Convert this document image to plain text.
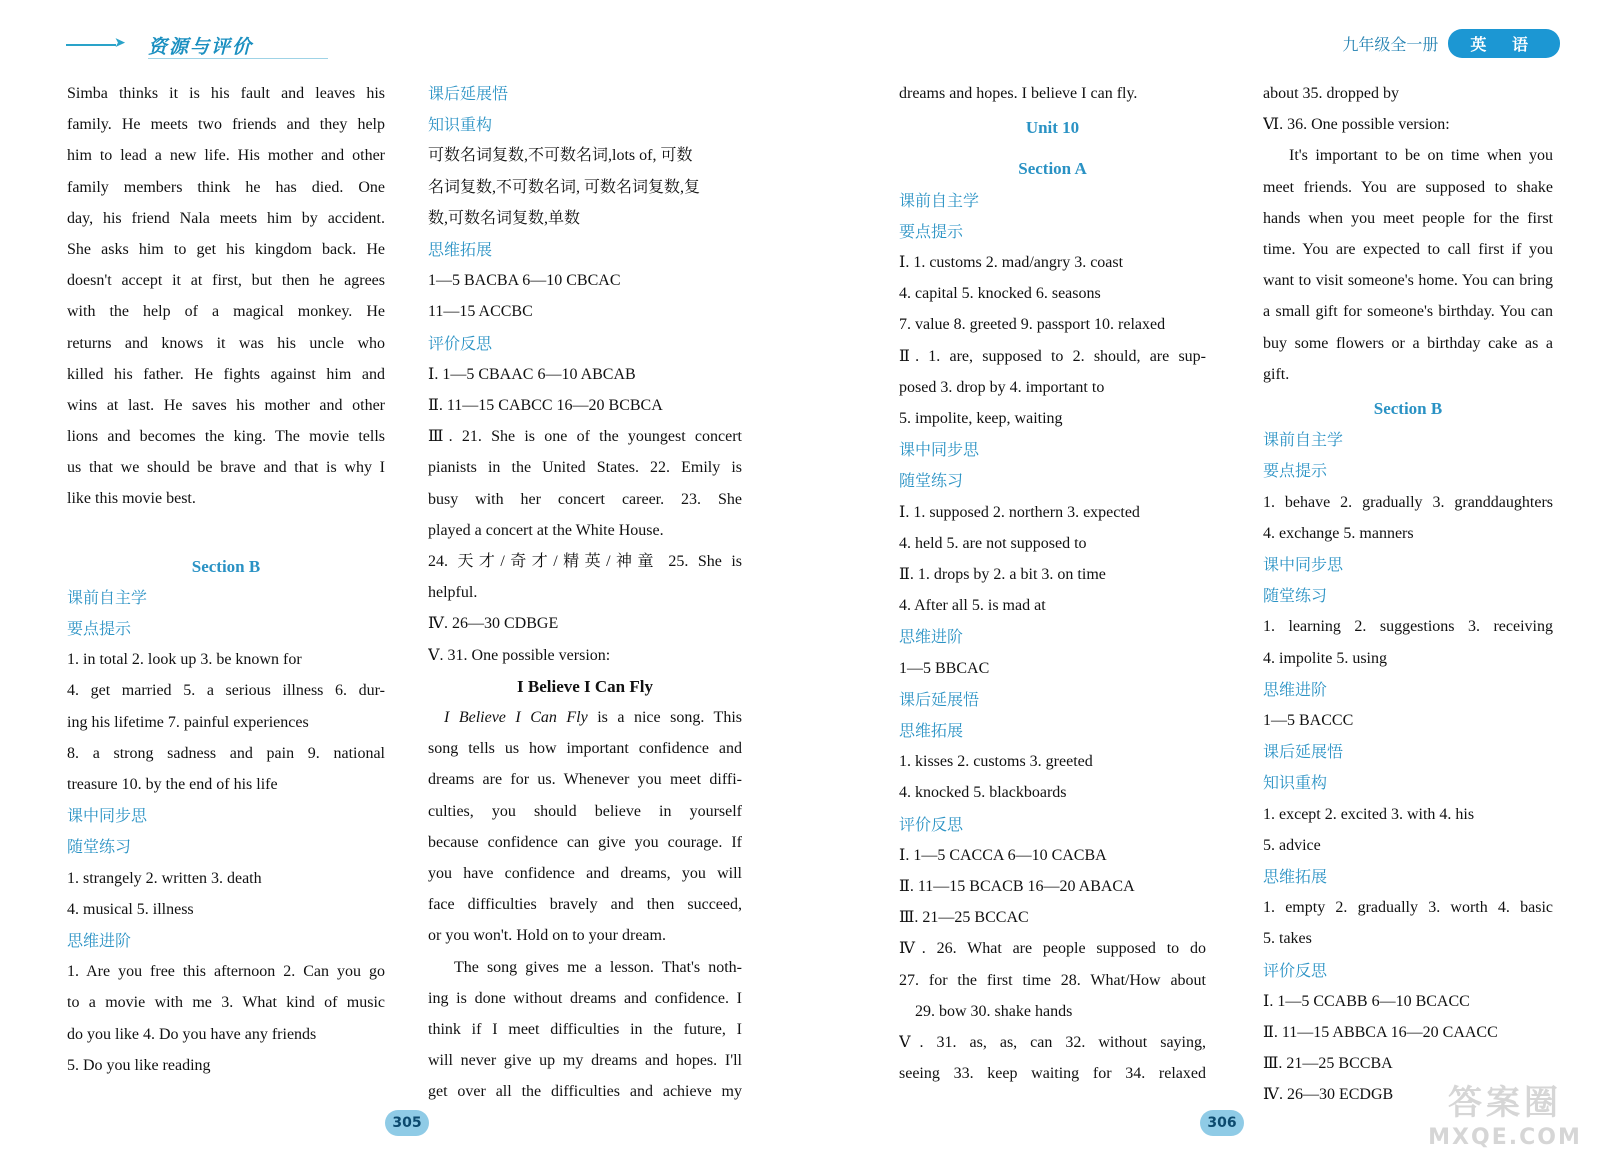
➤ 资源与评价	九年级全一册	英 语
Simba thinks it is his fault and leaves his
family. He meets two friends and they help
him to lead a new life. His mother and other
family members think he has died. One
day, his friend Nala meets him by accident.
She asks him to get his kingdom back. He
doesn't accept it at first, but then he agrees
with the help of a magical monkey. He
returns and knows it was his uncle who
killed his father. He fights against him and
wins at last. He saves his mother and other
lions and becomes the king. The movie tells
us that we should be brave and that is why I
like this movie best.
Section B
课前自主学
要点提示
1. in total 2. look up 3. be known for
4. get married 5. a serious illness 6. dur-
ing his lifetime 7. painful experiences
8. a strong sadness and pain 9. national
treasure 10. by the end of his life
课中同步思
随堂练习
1. strangely 2. written 3. death
4. musical 5. illness
思维进阶
1. Are you free this afternoon 2. Can you go
to a movie with me 3. What kind of music
do you like 4. Do you have any friends
5. Do you like reading
课后延展悟
知识重构
可数名词复数,不可数名词,lots of, 可数
名词复数,不可数名词, 可数名词复数,复
数,可数名词复数,单数
思维拓展
1—5 BACBA 6—10 CBCAC
11—15 ACCBC
评价反思
Ⅰ. 1—5 CBAAC 6—10 ABCAB
Ⅱ. 11—15 CABCC 16—20 BCBCA
Ⅲ. 21. She is one of the youngest concert
pianists in the United States. 22. Emily is
busy with her concert career. 23. She
played a concert at the White House.
24. 天才/奇才/精英/神童 25. She is
helpful.
Ⅳ. 26—30 CDBGE
Ⅴ. 31. One possible version:
I Believe I Can Fly
I Believe I Can Fly is a nice song. This
song tells us how important confidence and
dreams are for us. Whenever you meet diffi-
culties, you should believe in yourself
because confidence can give you courage. If
you have confidence and dreams, you will
face difficulties bravely and then succeed,
or you won't. Hold on to your dream.
The song gives me a lesson. That's noth-
ing is done without dreams and confidence. I
think if I meet difficulties in the future, I
will never give up my dreams and hopes. I'll
get over all the difficulties and achieve my
dreams and hopes. I believe I can fly.
Unit 10
Section A
课前自主学
要点提示
Ⅰ. 1. customs 2. mad/angry 3. coast
4. capital 5. knocked 6. seasons
7. value 8. greeted 9. passport 10. relaxed
Ⅱ. 1. are, supposed to 2. should, are sup-
posed 3. drop by 4. important to
5. impolite, keep, waiting
课中同步思
随堂练习
Ⅰ. 1. supposed 2. northern 3. expected
4. held 5. are not supposed to
Ⅱ. 1. drops by 2. a bit 3. on time
4. After all 5. is mad at
思维进阶
1—5 BBCAC
课后延展悟
思维拓展
1. kisses 2. customs 3. greeted
4. knocked 5. blackboards
评价反思
Ⅰ. 1—5 CACCA 6—10 CACBA
Ⅱ. 11—15 BCACB 16—20 ABACA
Ⅲ. 21—25 BCCAC
Ⅳ. 26. What are people supposed to do
27. for the first time 28. What/How about
29. bow 30. shake hands
Ⅴ. 31. as, as, can 32. without saying,
seeing 33. keep waiting for 34. relaxed
about 35. dropped by
Ⅵ. 36. One possible version:
It's important to be on time when you
meet friends. You are supposed to shake
hands when you meet people for the first
time. You are expected to call first if you
want to visit someone's home. You can bring
a small gift for someone's birthday. You can
buy some flowers or a birthday cake as a
gift.
Section B
课前自主学
要点提示
1. behave 2. gradually 3. granddaughters
4. exchange 5. manners
课中同步思
随堂练习
1. learning 2. suggestions 3. receiving
4. impolite 5. using
思维进阶
1—5 BACCC
课后延展悟
知识重构
1. except 2. excited 3. with 4. his
5. advice
思维拓展
1. empty 2. gradually 3. worth 4. basic
5. takes
评价反思
Ⅰ. 1—5 CCABB 6—10 BCACC
Ⅱ. 11—15 ABBCA 16—20 CAACC
Ⅲ. 21—25 BCCBA
Ⅳ. 26—30 ECDGB
305	306	答案圈
MXQE.COM
